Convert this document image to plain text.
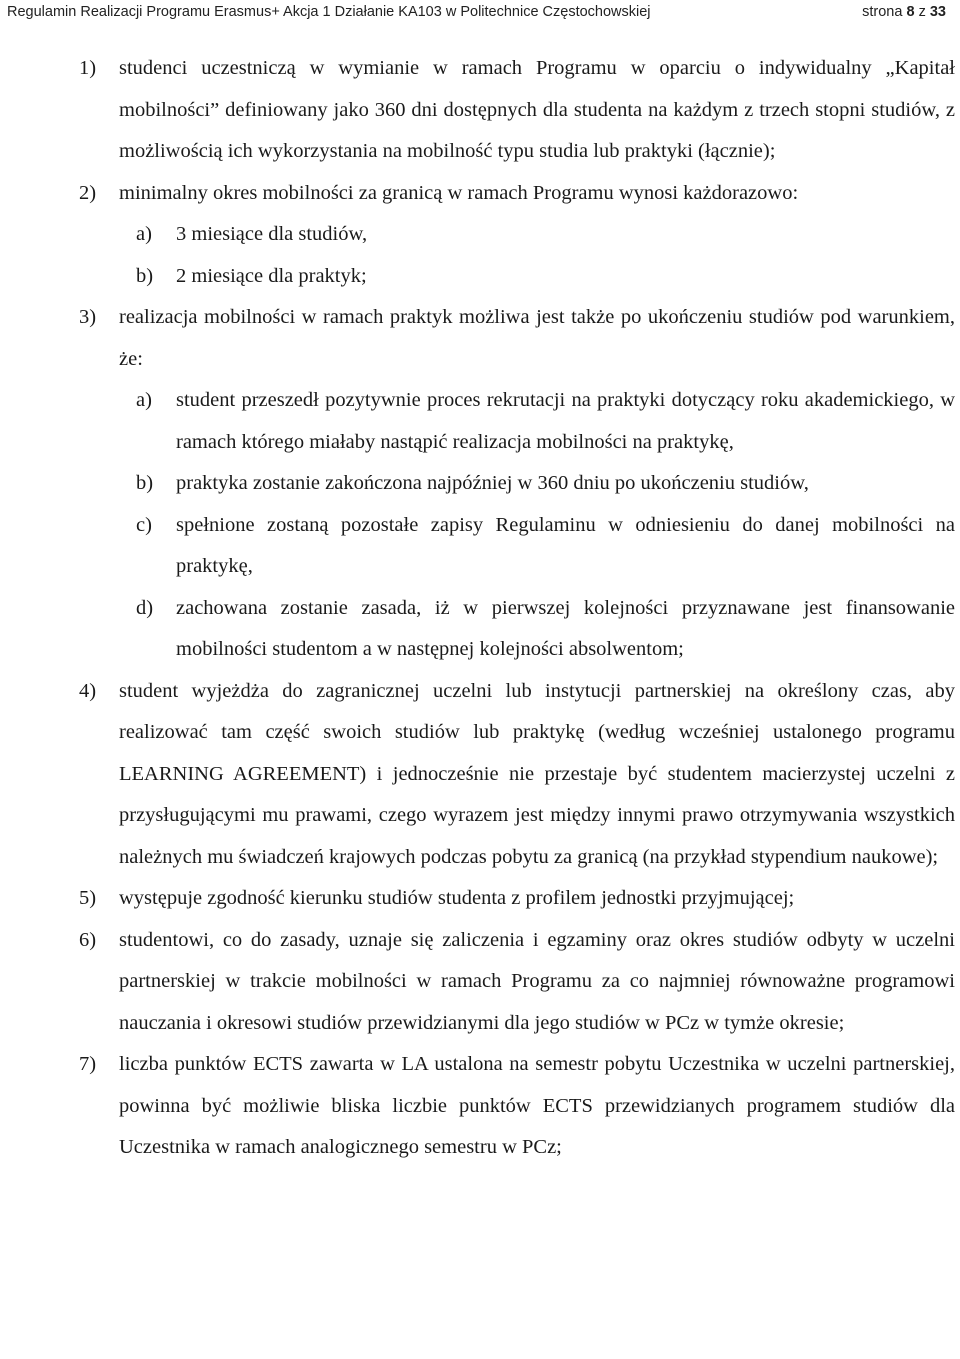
Regulamin Realizacji Programu Erasmus+ Akcja 1 Działanie KA103 w Politechnice Częstochowskiej	strona 8 z 33
1) studenci uczestniczą w wymianie w ramach Programu w oparciu o indywidualny „Kapitał mobilności” definiowany jako 360 dni dostępnych dla studenta na każdym z trzech stopni studiów, z możliwością ich wykorzystania na mobilność typu studia lub praktyki (łącznie);
2) minimalny okres mobilności za granicą w ramach Programu wynosi każdorazowo:
a) 3 miesiące dla studiów,
b) 2 miesiące dla praktyk;
3) realizacja mobilności w ramach praktyk możliwa jest także po ukończeniu studiów pod warunkiem, że:
a) student przeszedł pozytywnie proces rekrutacji na praktyki dotyczący roku akademickiego, w ramach którego miałaby nastąpić realizacja mobilności na praktykę,
b) praktyka zostanie zakończona najpóźniej w 360 dniu po ukończeniu studiów,
c) spełnione zostaną pozostałe zapisy Regulaminu w odniesieniu do danej mobilności na praktykę,
d) zachowana zostanie zasada, iż w pierwszej kolejności przyznawane jest finansowanie mobilności studentom a w następnej kolejności absolwentom;
4) student wyjeżdża do zagranicznej uczelni lub instytucji partnerskiej na określony czas, aby realizować tam część swoich studiów lub praktykę (według wcześniej ustalonego programu LEARNING AGREEMENT) i jednocześnie nie przestaje być studentem macierzystej uczelni z przysługującymi mu prawami, czego wyrazem jest między innymi prawo otrzymywania wszystkich należnych mu świadczeń krajowych podczas pobytu za granicą (na przykład stypendium naukowe);
5) występuje zgodność kierunku studiów studenta z profilem jednostki przyjmującej;
6) studentowi, co do zasady, uznaje się zaliczenia i egzaminy oraz okres studiów odbyty w uczelni partnerskiej w trakcie mobilności w ramach Programu za co najmniej równoważne programowi nauczania i okresowi studiów przewidzianymi dla jego studiów w PCz w tymże okresie;
7) liczba punktów ECTS zawarta w LA ustalona na semestr pobytu Uczestnika w uczelni partnerskiej, powinna być możliwie bliska liczbie punktów ECTS przewidzianych programem studiów dla Uczestnika w ramach analogicznego semestru w PCz;
